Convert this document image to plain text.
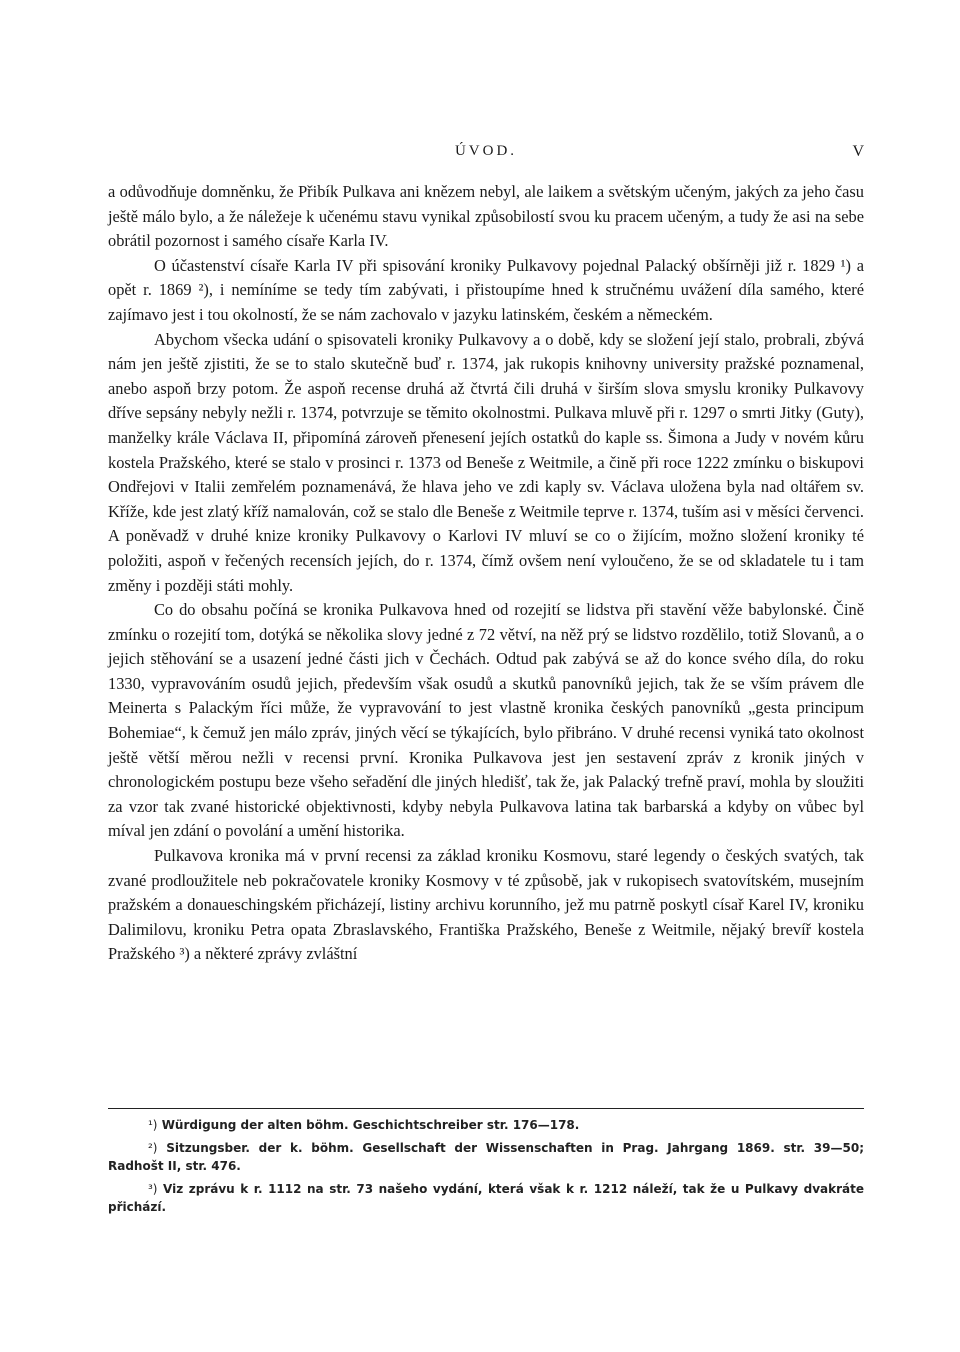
ÚVOD.	V

a odůvodňuje domněnku, že Přibík Pulkava ani knězem nebyl, ale laikem a světským učeným, jakých za jeho času ještě málo bylo, a že náležeje k učenému stavu vynikal způsobilostí svou ku pracem učeným, a tudy že asi na sebe obrátil pozornost i samého císaře Karla IV.

O účastenství císaře Karla IV při spisování kroniky Pulkavovy pojednal Palacký obšírněji již r. 1829 ¹) a opět r. 1869 ²), i nemíníme se tedy tím zabývati, i přistoupíme hned k stručnému uvážení díla samého, které zajímavo jest i tou okolností, že se nám zachovalo v jazyku latinském, českém a německém.

Abychom všecka udání o spisovateli kroniky Pulkavovy a o době, kdy se složení její stalo, probrali, zbývá nám jen ještě zjistiti, že se to stalo skutečně buď r. 1374, jak rukopis knihovny university pražské poznamenal, anebo aspoň brzy potom. Že aspoň recense druhá až čtvrtá čili druhá v širším slova smyslu kroniky Pulkavovy dříve sepsány nebyly nežli r. 1374, potvrzuje se těmito okolnostmi. Pulkava mluvě při r. 1297 o smrti Jitky (Guty), manželky krále Václava II, připomíná zároveň přenesení jejích ostatků do kaple ss. Šimona a Judy v novém kůru kostela Pražského, které se stalo v prosinci r. 1373 od Beneše z Weitmile, a čině při roce 1222 zmínku o biskupovi Ondřejovi v Italii zemřelém poznamenává, že hlava jeho ve zdi kaply sv. Václava uložena byla nad oltářem sv. Kříže, kde jest zlatý kříž namalován, což se stalo dle Beneše z Weitmile teprve r. 1374, tuším asi v měsíci červenci. A poněvadž v druhé knize kroniky Pulkavovy o Karlovi IV mluví se co o žijícím, možno složení kroniky té položiti, aspoň v řečených recensích jejích, do r. 1374, čímž ovšem není vyloučeno, že se od skladatele tu i tam změny i později státi mohly.

Co do obsahu počíná se kronika Pulkavova hned od rozejití se lidstva při stavění věže babylonské. Čině zmínku o rozejití tom, dotýká se několika slovy jedné z 72 větví, na něž prý se lidstvo rozdělilo, totiž Slovanů, a o jejich stěhování se a usazení jedné části jich v Čechách. Odtud pak zabývá se až do konce svého díla, do roku 1330, vypravováním osudů jejich, především však osudů a skutků panovníků jejich, tak že se vším právem dle Meinerta s Palackým říci může, že vypravování to jest vlastně kronika českých panovníků „gesta principum Bohemiae“, k čemuž jen málo zpráv, jiných věcí se týkajících, bylo přibráno. V druhé recensi vyniká tato okolnost ještě větší měrou nežli v recensi první. Kronika Pulkavova jest jen sestavení zpráv z kronik jiných v chronologickém postupu beze všeho seřadění dle jiných hledišť, tak že, jak Palacký trefně praví, mohla by sloužiti za vzor tak zvané historické objektivnosti, kdyby nebyla Pulkavova latina tak barbarská a kdyby on vůbec byl míval jen zdání o povolání a umění historika.

Pulkavova kronika má v první recensi za základ kroniku Kosmovu, staré legendy o českých svatých, tak zvané prodloužitele neb pokračovatele kroniky Kosmovy v té způsobě, jak v rukopisech svatovítském, musejním pražském a donaueschingském přicházejí, listiny archivu korunního, jež mu patrně poskytl císař Karel IV, kroniku Dalimilovu, kroniku Petra opata Zbraslavského, Františka Pražského, Beneše z Weitmile, nějaký brevíř kostela Pražského ³) a některé zprávy zvláštní

¹) Würdigung der alten böhm. Geschichtschreiber str. 176—178.

²) Sitzungsber. der k. böhm. Gesellschaft der Wissenschaften in Prag. Jahrgang 1869. str. 39—50; Radhošt II, str. 476.

³) Viz zprávu k r. 1112 na str. 73 našeho vydání, která však k r. 1212 náleží, tak že u Pulkavy dvakráte přichází.
